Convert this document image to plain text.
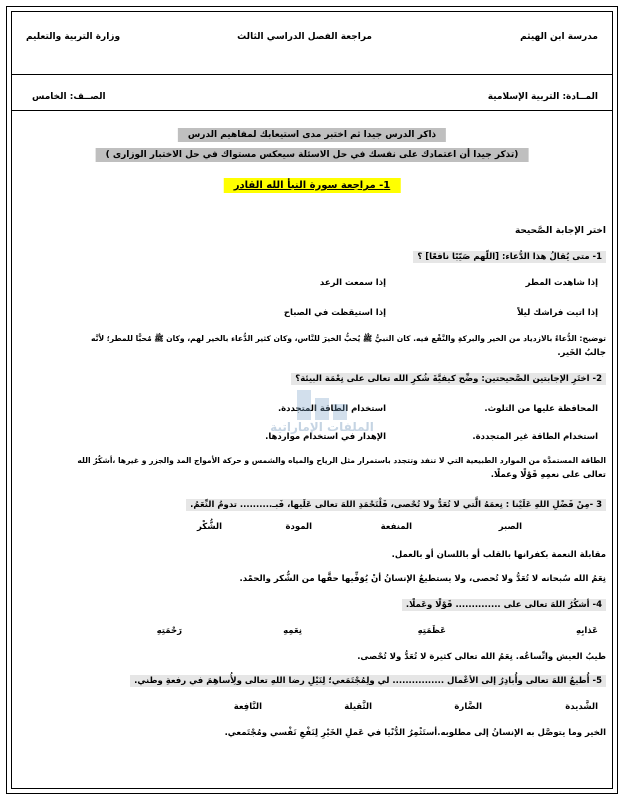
مدرسة ابن الهيثم
مراجعة الفصل الدراسي الثالث
وزارة التربية والتعليم
المــادة: التربية الإسلامية
الصــف: الخامس
ذاكر الدرس جيدا ثم اختبر مدى استيعابك لمفاهيم الدرس
(تذكر جيدا أن اعتمادك على نفسك في حل الاسئلة سيعكس مستواك في حل الاختبار الوزارى )
1- مراجعة سورة النبأ الله القادر
اختر الإجابة الصَّحيحة
1- متى يُقالُ هذا الدُّعاء: [اللّهم صَيّبًا نافعًا] ؟
إذا شاهدت المطر
إذا سمعت الرعد
إذا اتيت فراشك ليلاً
إذا استيقظت في الصباح
توضيح: الدُّعاءُ بالازدياد من الخير والبركةِ والنَّفْع فيه. كان النبيُّ ﷺ يُحبُّ الخيرَ للنَّاس، وكان كثير الدُّعاء بالخير لهم، وكان ﷺ مُحبًّا للمطر؛ لأنَّه
جالبُ الخَير.
2- اختَرِ الإجابتين الصَّحيحتين: وضِّح كيفيَّةَ شُكرِ الله تعالى على نِعْمَة البيئة؟
المحافظة عليها من التلوث.
استخدام الطاقة المتجددة.
استخدام الطاقة غير المتجددة.
الإهدار في استخدام مواردها.
الملفات الإماراتية
الطاقة المستمدَّة من الموارد الطبيعية التي لا تنفد وتتجدد باستمرار مثل الرياح والمياه والشمس و حركة الأمواج المد والجزر و غيرها ،أشكُرُ الله
تعالى على نعمِهِ قَوْلًا وعملًا.
3 -مِنْ فَضْلِ اللهِ عَلَيْنا : نِعمَهُ الَّتي لا تُعَدُّ ولا تُحْصى، فَلْنَحْمَدِ اللهَ تعالى عَلَيها، فَبـ.......... تدومُ النِّعَمُ.
الصبر
المنفعة
المودة
الشُّكْر
مقابلة النعمة بكفرانها بالقلب أو باللسان أو بالعمل.
نِعَمُ الله سُبحانه لا تُعَدُّ ولا تُحصى، ولا يستطيعُ الإنسانُ أنْ يُوَفِّيها حقَّها من الشُّكر والحمْد.
4- أشكُرُ اللهَ تعالى على .............. قَوْلًا وعَملًا.
عَذابِهِ
عَظَمَتِهِ
نِعَمِهِ
رَحْمَتِهِ
طيبُ العيش واتِّساعُه. نِعَمُ الله تعالى كثيرة لا تُعَدُّ ولا تُحْصى.
5- أُطيعُ اللهَ تعالى وأُبادِرُ إلى الأعْمال ................ لي ولِمُجْتَمَعي؛ لِنَيْلِ رضا اللهِ تعالى ولِأُساهِمَ في رفعةِ وطني.
الشَّديدة
الضَّارة
الثَّقيلة
النَّافِعة
الخير وما يتوصَّل به الإنسانُ إلى مطلوبه.أستَثْمِرُ الدُّنْيا في عَملِ الخَيْرِ لِنَفْعِ نَفْسي ومُجْتَمعي.
